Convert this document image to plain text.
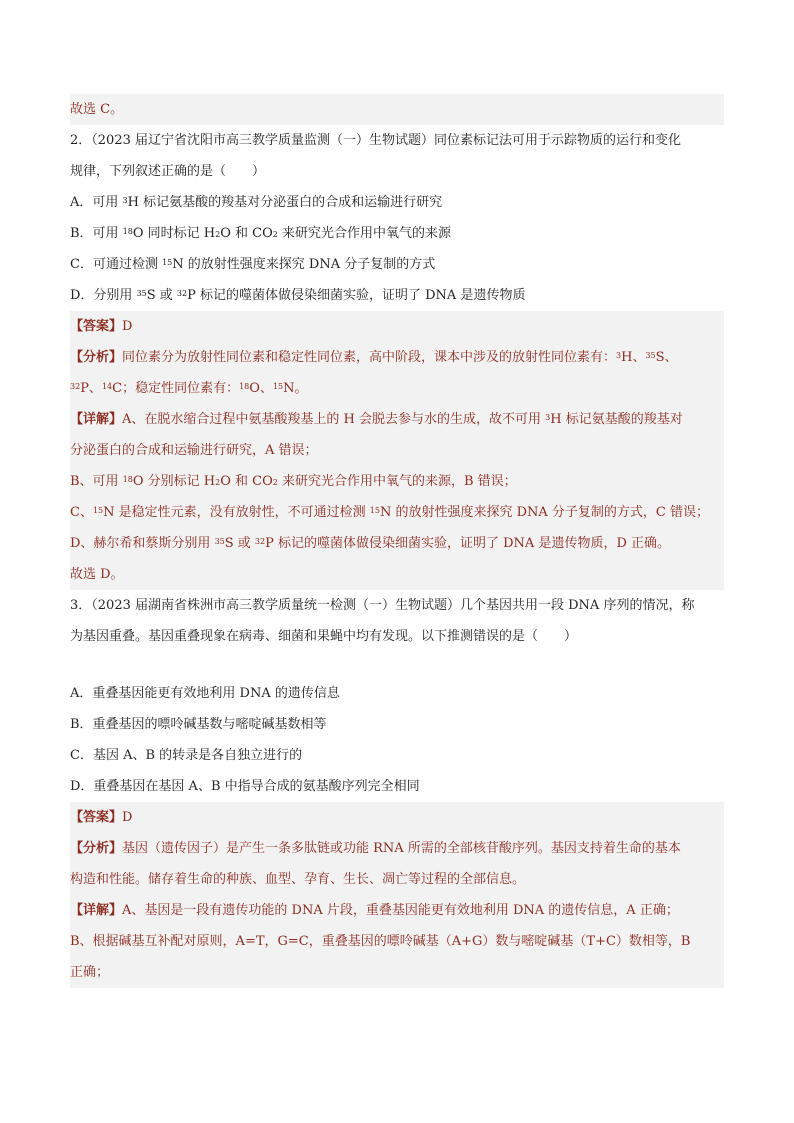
故选 C。
2．（2023 届辽宁省沈阳市高三教学质量监测（一）生物试题）同位素标记法可用于示踪物质的运行和变化
规律，下列叙述正确的是（　　）
A．可用 $^3$H 标记氨基酸的羧基对分泌蛋白的合成和运输进行研究
B．可用 $^{18}$O 同时标记 $H_2O$ 和 $CO_2$ 来研究光合作用中氧气的来源
C．可通过检测 $^{15}$N 的放射性强度来探究 DNA 分子复制的方式
D．分别用 $^{35}$S 或 $^{32}$P 标记的噬菌体做侵染细菌实验，证明了 DNA 是遗传物质
【答案】D
【分析】同位素分为放射性同位素和稳定性同位素，高中阶段，课本中涉及的放射性同位素有：$^3$H、$^{35}$S、
$^{32}$P、$^{14}$C；稳定性同位素有：$^{18}$O、$^{15}$N。
【详解】A、在脱水缩合过程中氨基酸羧基上的 H 会脱去参与水的生成，故不可用 $^3$H 标记氨基酸的羧基对
分泌蛋白的合成和运输进行研究，A 错误；
B、可用 $^{18}$O 分别标记 $H_2O$ 和 $CO_2$ 来研究光合作用中氧气的来源，B 错误；
C、$^{15}$N 是稳定性元素，没有放射性，不可通过检测 $^{15}$N 的放射性强度来探究 DNA 分子复制的方式，C 错误；
D、赫尔希和蔡斯分别用 $^{35}$S 或 $^{32}$P 标记的噬菌体做侵染细菌实验，证明了 DNA 是遗传物质，D 正确。
故选 D。
3．（2023 届湖南省株洲市高三教学质量统一检测（一）生物试题）几个基因共用一段 DNA 序列的情况，称
为基因重叠。基因重叠现象在病毒、细菌和果蝇中均有发现。以下推测错误的是（　　）
A．重叠基因能更有效地利用 DNA 的遗传信息
B．重叠基因的嘌呤碱基数与嘧啶碱基数相等
C．基因 A、B 的转录是各自独立进行的
D．重叠基因在基因 A、B 中指导合成的氨基酸序列完全相同
【答案】D
【分析】基因（遗传因子）是产生一条多肽链或功能 RNA 所需的全部核苷酸序列。基因支持着生命的基本
构造和性能。储存着生命的种族、血型、孕育、生长、凋亡等过程的全部信息。
【详解】A、基因是一段有遗传功能的 DNA 片段，重叠基因能更有效地利用 DNA 的遗传信息，A 正确；
B、根据碱基互补配对原则，A=T，G=C，重叠基因的嘌呤碱基（A+G）数与嘧啶碱基（T+C）数相等，B
正确；
